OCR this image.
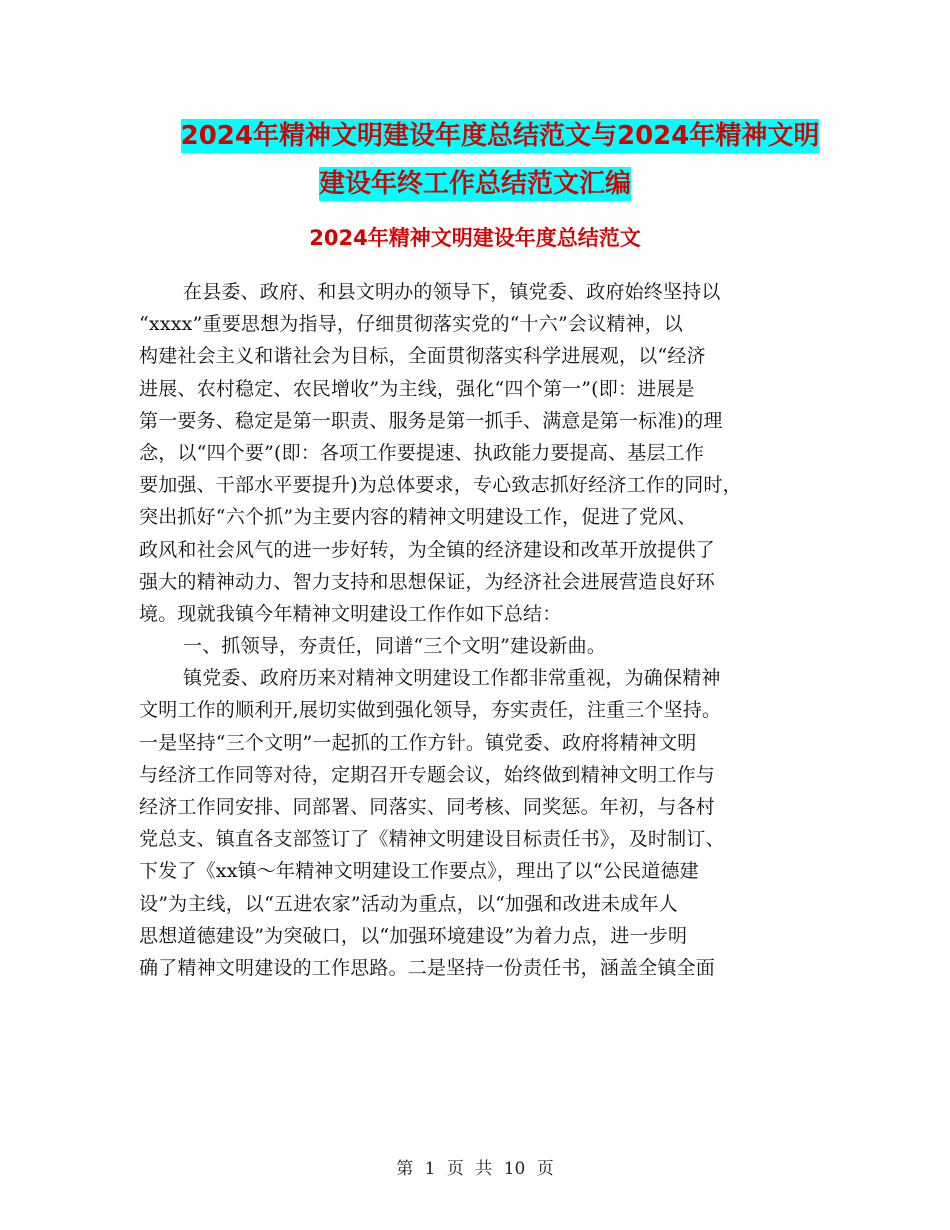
2024年精神文明建设年度总结范文与2024年精神文明
建设年终工作总结范文汇编
2024年精神文明建设年度总结范文
在县委、政府、和县文明办的领导下，镇党委、政府始终坚持以
“xxxx”重要思想为指导，仔细贯彻落实党的“十六”会议精神，以
构建社会主义和谐社会为目标，全面贯彻落实科学进展观，以“经济
进展、农村稳定、农民增收”为主线，强化“四个第一”(即：进展是
第一要务、稳定是第一职责、服务是第一抓手、满意是第一标准)的理
念，以“四个要”(即：各项工作要提速、执政能力要提高、基层工作
要加强、干部水平要提升)为总体要求，专心致志抓好经济工作的同时，
突出抓好“六个抓”为主要内容的精神文明建设工作，促进了党风、
政风和社会风气的进一步好转，为全镇的经济建设和改革开放提供了
强大的精神动力、智力支持和思想保证，为经济社会进展营造良好环
境。现就我镇今年精神文明建设工作作如下总结：
一、抓领导，夯责任，同谱“三个文明”建设新曲。
镇党委、政府历来对精神文明建设工作都非常重视，为确保精神
文明工作的顺利开,展切实做到强化领导，夯实责任，注重三个坚持。
一是坚持“三个文明”一起抓的工作方针。镇党委、政府将精神文明
与经济工作同等对待，定期召开专题会议，始终做到精神文明工作与
经济工作同安排、同部署、同落实、同考核、同奖惩。年初，与各村
党总支、镇直各支部签订了《精神文明建设目标责任书》，及时制订、
下发了《xx镇～年精神文明建设工作要点》，理出了以“公民道德建
设”为主线，以“五进农家”活动为重点，以“加强和改进未成年人
思想道德建设”为突破口，以“加强环境建设”为着力点，进一步明
确了精神文明建设的工作思路。二是坚持一份责任书，涵盖全镇全面
第 1 页 共 10 页
